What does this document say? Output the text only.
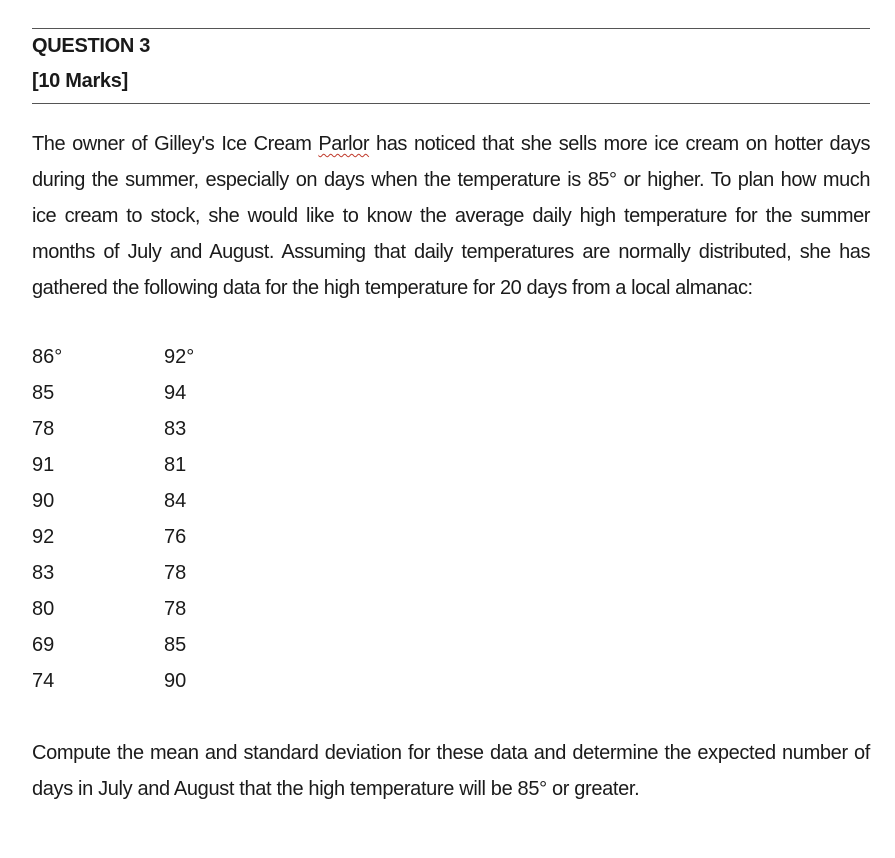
QUESTION 3
[10 Marks]

The owner of Gilley's Ice Cream Parlor has noticed that she sells more ice cream on hotter days during the summer, especially on days when the temperature is 85° or higher. To plan how much ice cream to stock, she would like to know the average daily high temperature for the summer months of July and August. Assuming that daily temperatures are normally distributed, she has gathered the following data for the high temperature for 20 days from a local almanac:

86°	92°
85	94
78	83
91	81
90	84
92	76
83	78
80	78
69	85
74	90

Compute the mean and standard deviation for these data and determine the expected number of days in July and August that the high temperature will be 85° or greater.
